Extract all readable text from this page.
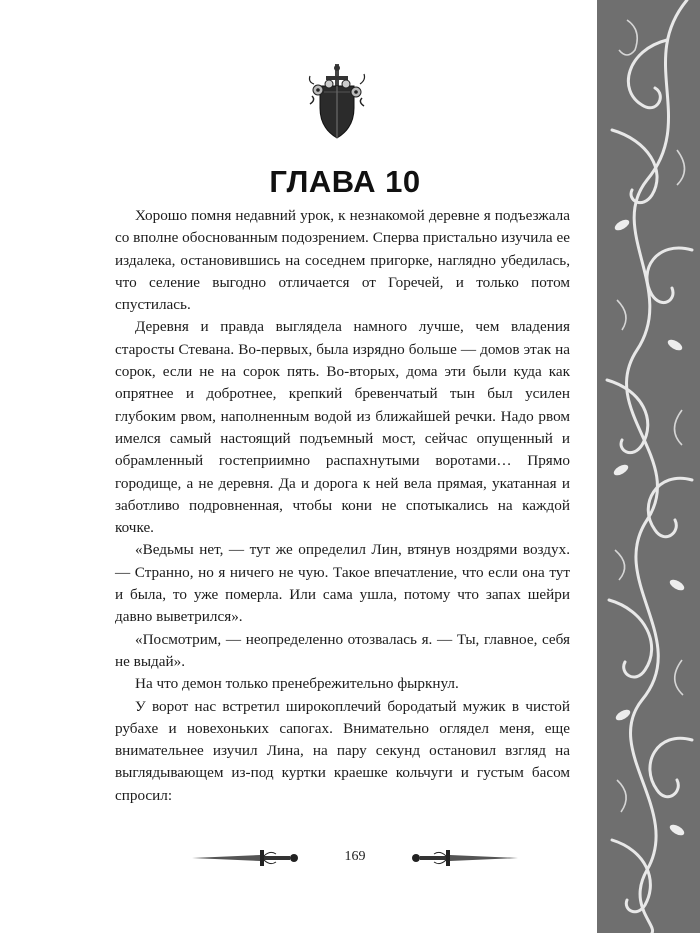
ГЛАВА 10

Хорошо помня недавний урок, к незнакомой деревне я подъезжала со вполне обоснованным подозрением. Сперва пристально изучила ее издалека, остановившись на соседнем пригорке, наглядно убедилась, что селение выгодно отличается от Горечей, и только потом спустилась.

Деревня и правда выглядела намного лучше, чем владения старосты Стевана. Во-первых, была изрядно больше — домов этак на сорок, если не на сорок пять. Во-вторых, дома эти были куда как опрятнее и добротнее, крепкий бревенчатый тын был усилен глубоким рвом, наполненным водой из ближайшей речки. Надо рвом имелся самый настоящий подъемный мост, сейчас опущенный и обрамленный гостеприимно распахнутыми воротами… Прямо городище, а не деревня. Да и дорога к ней вела прямая, укатанная и заботливо подровненная, чтобы кони не спотыкались на каждой кочке.

«Ведьмы нет, — тут же определил Лин, втянув ноздрями воздух. — Странно, но я ничего не чую. Такое впечатление, что если она тут и была, то уже померла. Или сама ушла, потому что запах шейри давно выветрился».

«Посмотрим, — неопределенно отозвалась я. — Ты, главное, себя не выдай».

На что демон только пренебрежительно фыркнул.

У ворот нас встретил широкоплечий бородатый мужик в чистой рубахе и новехоньких сапогах. Внимательно оглядел меня, еще внимательнее изучил Лина, на пару секунд остановил взгляд на выглядывающем из-под куртки краешке кольчуги и густым басом спросил:

169
